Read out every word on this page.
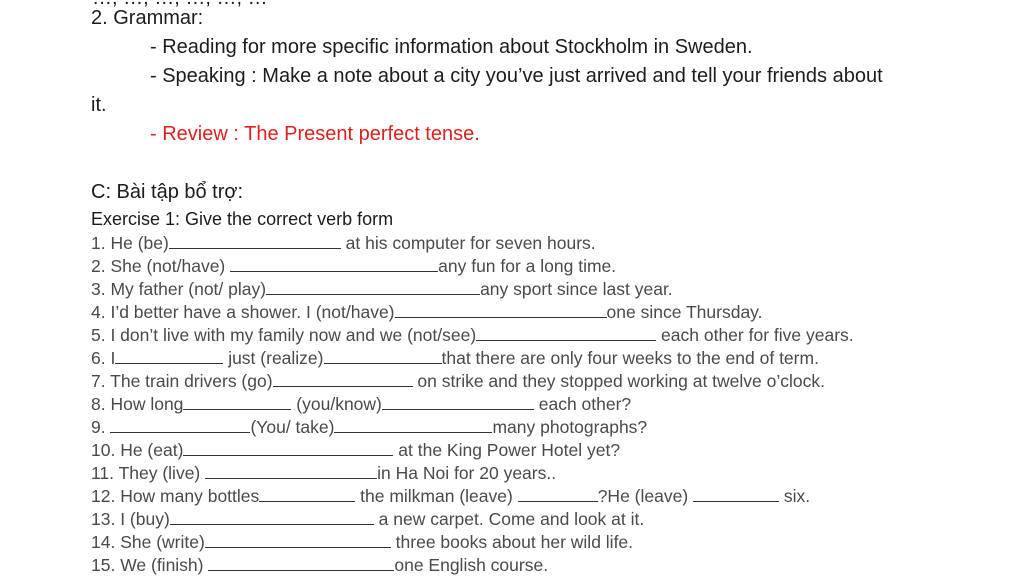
2. Grammar:
- Reading for more specific information about Stockholm in Sweden.
- Speaking : Make a note about a city you’ve just arrived and tell your friends about
it.
- Review : The Present perfect tense.
C: Bài tập bổ trợ:
Exercise 1: Give the correct verb form
1. He (be)	at his computer for seven hours.
2. She (not/have)	any fun for a long time.
3. My father (not/ play)	any sport since last year.
4. I’d better have a shower. I (not/have)	one since Thursday.
5. I don’t live with my family now and we (not/see)	each other for five years.
6. I	just (realize)	that there are only four weeks to the end of term.
7. The train drivers (go)	on strike and they stopped working at twelve o’clock.
8. How long	(you/know)	each other?
9.	(You/ take)	many photographs?
10. He (eat)	at the King Power Hotel yet?
11. They (live)	in Ha Noi for 20 years..
12. How many bottles	the milkman (leave)	?He (leave)	six.
13. I (buy)	a new carpet. Come and look at it.
14. She (write)	three books about her wild life.
15. We (finish)	one English course.
